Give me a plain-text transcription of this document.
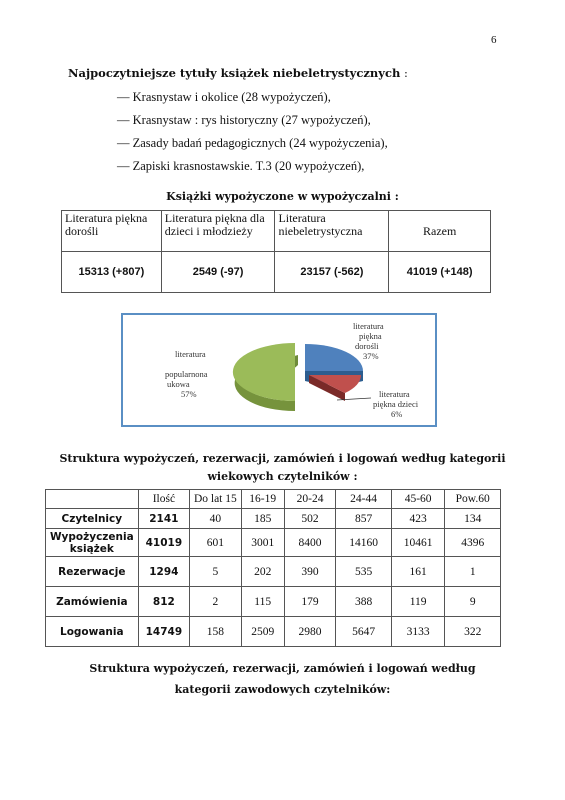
6
Najpoczytniejsze tytuły książek niebeletrystycznych :
— Krasnystaw i okolice (28 wypożyczeń),
— Krasnystaw : rys historyczny (27 wypożyczeń),
— Zasady badań pedagogicznych (24 wypożyczenia),
— Zapiski krasnostawskie. T.3 (20 wypożyczeń),
Książki wypożyczone w wypożyczalni :
Literatura piękna dorośli	Literatura piękna dla dzieci i młodzieży	Literatura niebeletrystyczna	Razem
15313 (+807)	2549 (-97)	23157 (-562)	41019 (+148)
literatura
piękna
dorośli
37%
literatura
piękna dzieci
6%
literatura
popularnona
ukowa
57%
Struktura wypożyczeń, rezerwacji, zamówień i logowań według kategorii
wiekowych czytelników :
	Ilość	Do lat 15	16-19	20-24	24-44	45-60	Pow.60
Czytelnicy	2141	40	185	502	857	423	134
Wypożyczenia książek	41019	601	3001	8400	14160	10461	4396
Rezerwacje	1294	5	202	390	535	161	1
Zamówienia	812	2	115	179	388	119	9
Logowania	14749	158	2509	2980	5647	3133	322
Struktura wypożyczeń, rezerwacji, zamówień i logowań według
kategorii zawodowych czytelników:
